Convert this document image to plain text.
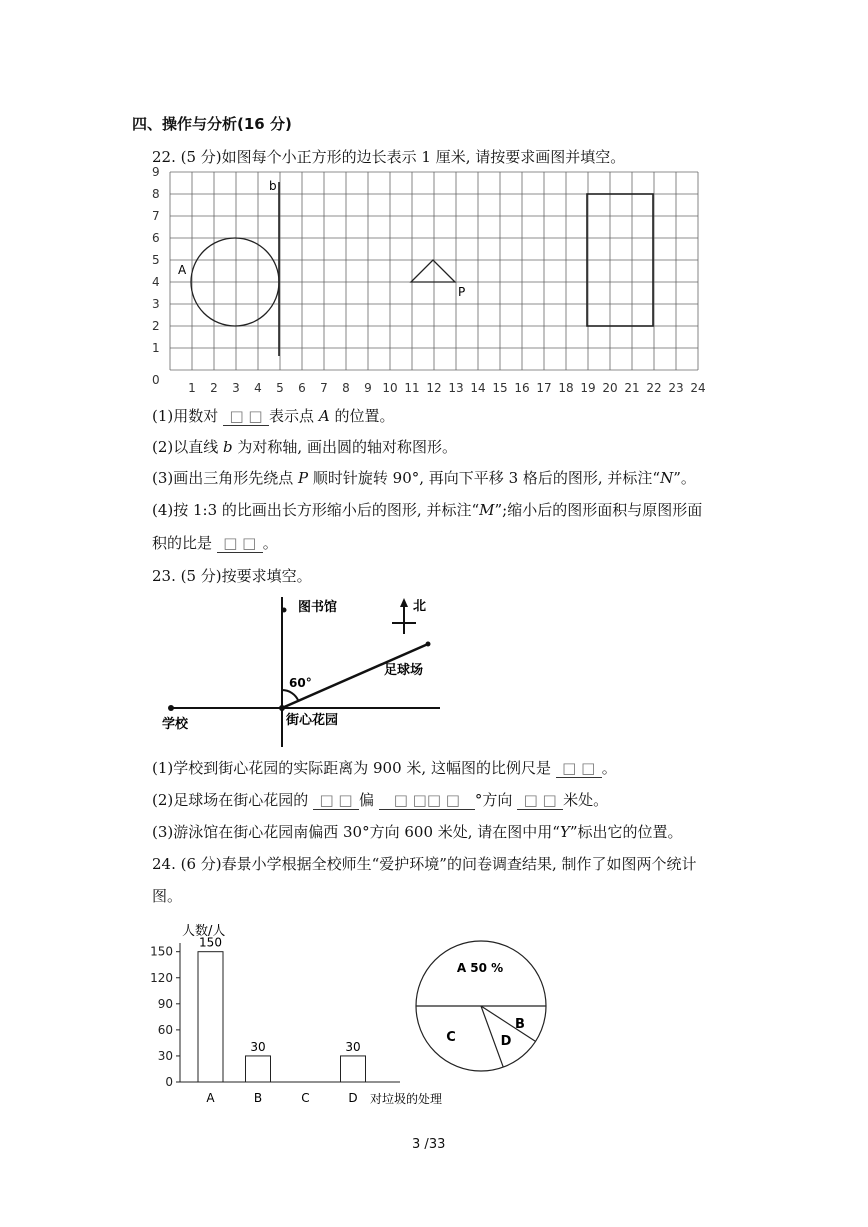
四、操作与分析(16 分)
22. (5 分)如图每个小正方形的边长表示 1 厘米, 请按要求画图并填空。
0
1 2 3 4 5 6 7 8 9 10 11 12 13 14 15 16 17 18 19 20 21 22 23 24
1
2
3
4
5
6
7
8
9
A
b
P
(1)用数对 □ □ 表示点 A 的位置。
(2)以直线 b 为对称轴, 画出圆的轴对称图形。
(3)画出三角形先绕点 P 顺时针旋转 90°, 再向下平移 3 格后的图形, 并标注“N”。
(4)按 1:3 的比画出长方形缩小后的图形, 并标注“M”;缩小后的图形面积与原图形面
积的比是 □ □ 。
23. (5 分)按要求填空。
图书馆	北
足球场
60°
学校	街心花园
(1)学校到街心花园的实际距离为 900 米, 这幅图的比例尺是 □ □ 。
(2)足球场在街心花园的 □ □ 偏 □ □□ □ °方向 □ □ 米处。
(3)游泳馆在街心花园南偏西 30°方向 600 米处, 请在图中用“Y”标出它的位置。
24. (6 分)春景小学根据全校师生“爱护环境”的问卷调查结果, 制作了如图两个统计
图。
人数/人
0
30
60
90
120
150
150
A
30
B	C
30
D 对垃圾的处理
A 50 %
B
D
C
3 /33
